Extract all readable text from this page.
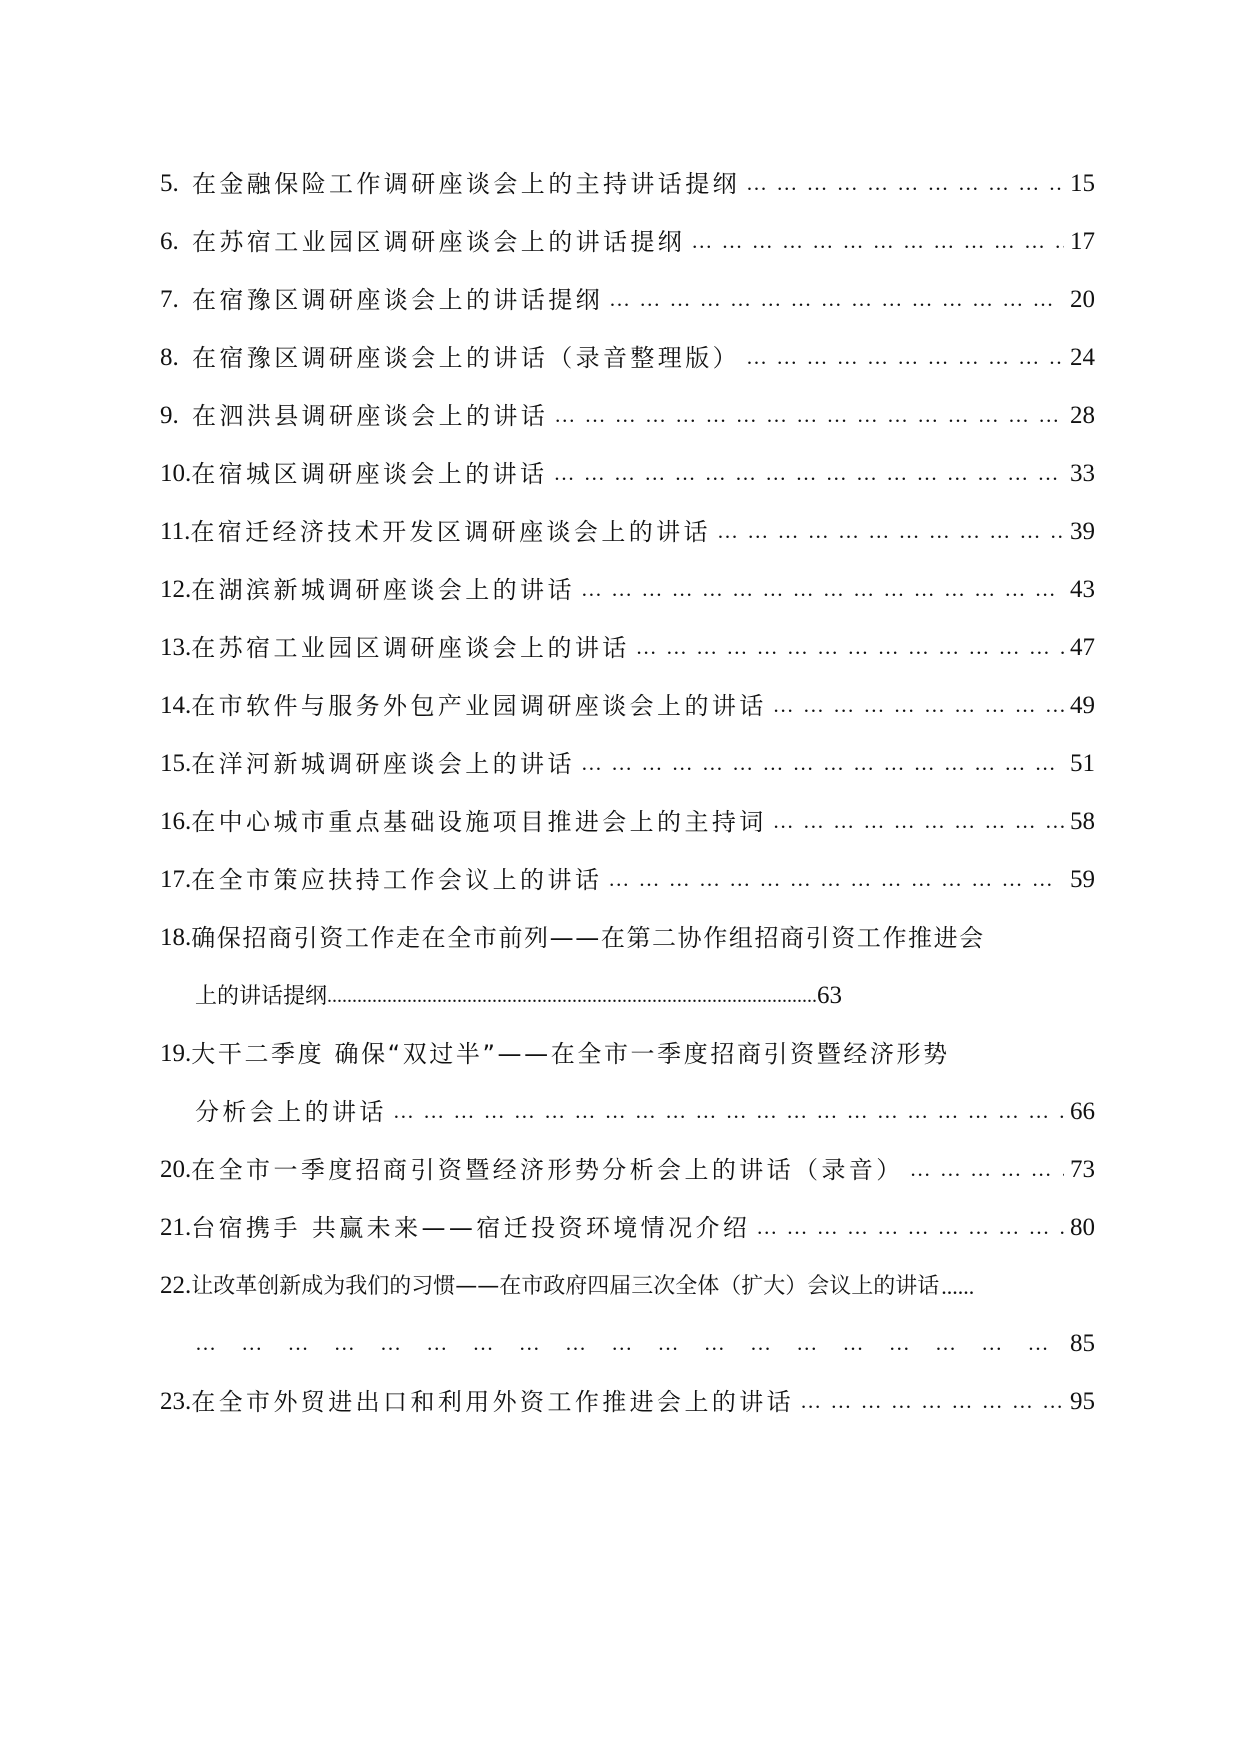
5. 在金融保险工作调研座谈会上的主持讲话提纲 … … … … … … … … … … … … … … … … … … … … … … … … … … … … … … … … … … … … … … … … … … … … …	15
6. 在苏宿工业园区调研座谈会上的讲话提纲 … … … … … … … … … … … … … … … … … … … … … … … … … … … … … … … … … … … … … … … … … … … … …	17
7. 在宿豫区调研座谈会上的讲话提纲 … … … … … … … … … … … … … … … … … … … … … … … … … … … … … … … … … … … … … … … … … … … … …	20
8. 在宿豫区调研座谈会上的讲话（录音整理版） … … … … … … … … … … … … … … … … … … … … … … … … … … … … … … … … … … … … … … … … … … … … …	24
9. 在泗洪县调研座谈会上的讲话 … … … … … … … … … … … … … … … … … … … … … … … … … … … … … … … … … … … … … … … … … … … … …	28
10. 在宿城区调研座谈会上的讲话 … … … … … … … … … … … … … … … … … … … … … … … … … … … … … … … … … … … … … … … … … … … … …	33
11. 在宿迁经济技术开发区调研座谈会上的讲话 … … … … … … … … … … … … … … … … … … … … … … … … … … … … … … … … … … … … … … … … … … … … …	39
12. 在湖滨新城调研座谈会上的讲话 … … … … … … … … … … … … … … … … … … … … … … … … … … … … … … … … … … … … … … … … … … … … …	43
13. 在苏宿工业园区调研座谈会上的讲话 … … … … … … … … … … … … … … … … … … … … … … … … … … … … … … … … … … … … … … … … … … … … …	47
14. 在市软件与服务外包产业园调研座谈会上的讲话 … … … … … … … … … … … … … … … … … … … … … … … … … … … … … … … … … … … … … … … … … … … … …	49
15. 在洋河新城调研座谈会上的讲话 … … … … … … … … … … … … … … … … … … … … … … … … … … … … … … … … … … … … … … … … … … … … …	51
16. 在中心城市重点基础设施项目推进会上的主持词 … … … … … … … … … … … … … … … … … … … … … … … … … … … … … … … … … … … … … … … … … … … … …	58
17. 在全市策应扶持工作会议上的讲话 … … … … … … … … … … … … … … … … … … … … … … … … … … … … … … … … … … … … … … … … … … … … …	59
18. 确保招商引资工作走在全市前列——在第二协作组招商引资工作推进会
上的讲话提纲 .....	63
19. 大干二季度 确保“双过半”——在全市一季度招商引资暨经济形势
分析会上的讲话 … … … … … … … … … … … … … … … … … … … … … … … … … … … … … … … … … … … … … … … … … … … … …	66
20. 在全市一季度招商引资暨经济形势分析会上的讲话（录音） … … … … … … … … … … … … … … … … … … … … … … … … … … … … … … … … … … … … … … … … … … … … …	73
21. 台宿携手 共赢未来——宿迁投资环境情况介绍 … … … … … … … … … … … … … … … … … … … … … … … … … … … … … … … … … … … … … … … … … … … … …	80
22. 让改革创新成为我们的习惯——在市政府四届三次全体（扩大）会议上的讲话 ......
… … … … … … … … … … … … … … … … … … … … … … … … … … … … … … … … … … … … … … … … … … … … …
85
23. 在全市外贸进出口和利用外资工作推进会上的讲话 … … … … … … … … … … … … … … … … … … … … … … … … … … … … … … … … … … … … … … … … … … … … …	95
